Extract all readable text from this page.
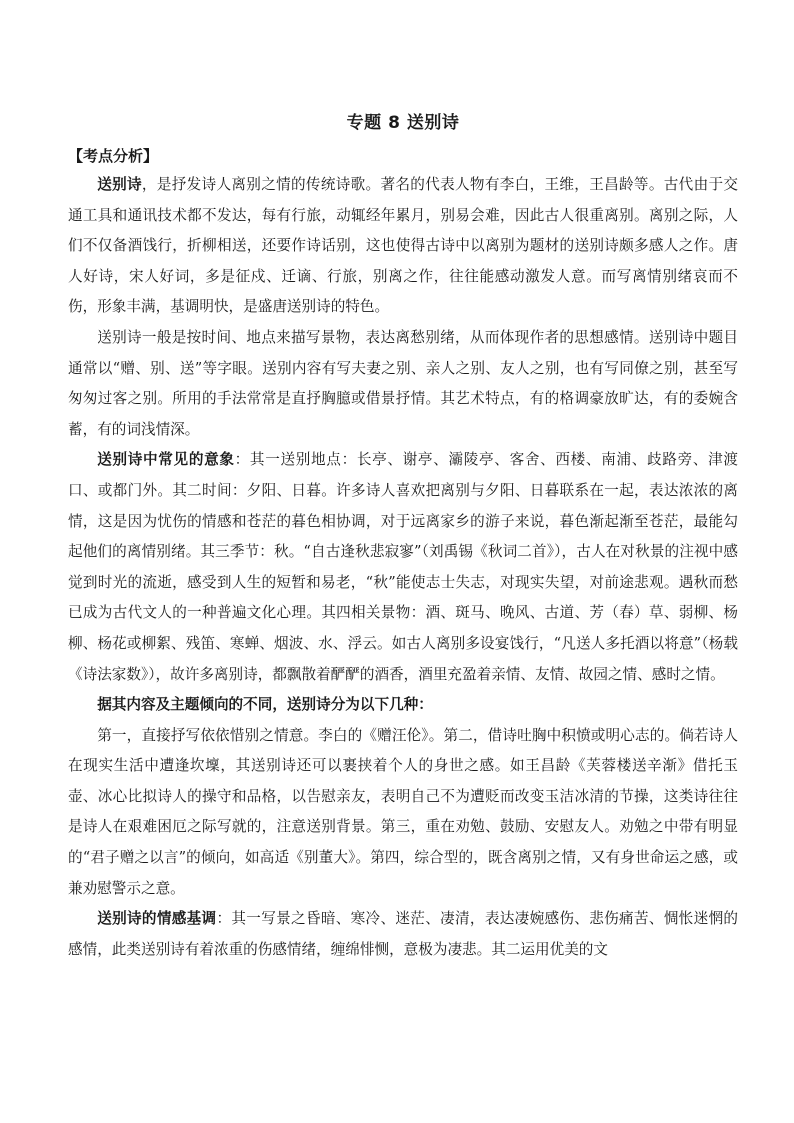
专题 8 送别诗
【考点分析】

送别诗，是抒发诗人离别之情的传统诗歌。著名的代表人物有李白，王维，王昌龄等。古代由于交通工具和通讯技术都不发达，每有行旅，动辄经年累月，别易会难，因此古人很重离别。离别之际，人们不仅备酒饯行，折柳相送，还要作诗话别，这也使得古诗中以离别为题材的送别诗颇多感人之作。唐人好诗，宋人好词，多是征戍、迁谪、行旅，别离之作，往往能感动激发人意。而写离情别绪哀而不伤，形象丰满，基调明快，是盛唐送别诗的特色。

送别诗一般是按时间、地点来描写景物，表达离愁别绪，从而体现作者的思想感情。送别诗中题目通常以“赠、别、送”等字眼。送别内容有写夫妻之别、亲人之别、友人之别，也有写同僚之别，甚至写匆匆过客之别。所用的手法常常是直抒胸臆或借景抒情。其艺术特点，有的格调豪放旷达，有的委婉含蓄，有的词浅情深。

送别诗中常见的意象：其一送别地点：长亭、谢亭、灞陵亭、客舍、西楼、南浦、歧路旁、津渡口、或都门外。其二时间：夕阳、日暮。许多诗人喜欢把离别与夕阳、日暮联系在一起，表达浓浓的离情，这是因为忧伤的情感和苍茫的暮色相协调，对于远离家乡的游子来说，暮色渐起渐至苍茫，最能勾起他们的离情别绪。其三季节：秋。“自古逢秋悲寂寥”（刘禹锡《秋词二首》），古人在对秋景的注视中感觉到时光的流逝，感受到人生的短暂和易老，“秋”能使志士失志，对现实失望，对前途悲观。遇秋而愁已成为古代文人的一种普遍文化心理。其四相关景物：酒、斑马、晚风、古道、芳（春）草、弱柳、杨柳、杨花或柳絮、残笛、寒蝉、烟波、水、浮云。如古人离别多设宴饯行，“凡送人多托酒以将意”（杨载《诗法家数》），故许多离别诗，都飘散着酽酽的酒香，酒里充盈着亲情、友情、故园之情、感时之情。

据其内容及主题倾向的不同，送别诗分为以下几种：

第一，直接抒写依依惜别之情意。李白的《赠汪伦》。第二，借诗吐胸中积愤或明心志的。倘若诗人在现实生活中遭逢坎壈，其送别诗还可以裹挟着个人的身世之感。如王昌龄《芙蓉楼送辛渐》借托玉壶、冰心比拟诗人的操守和品格，以告慰亲友，表明自己不为遭贬而改变玉洁冰清的节操，这类诗往往是诗人在艰难困厄之际写就的，注意送别背景。第三，重在劝勉、鼓励、安慰友人。劝勉之中带有明显的“君子赠之以言”的倾向，如高适《别董大》。第四，综合型的，既含离别之情，又有身世命运之感，或兼劝慰警示之意。

送别诗的情感基调：其一写景之昏暗、寒冷、迷茫、凄清，表达凄婉感伤、悲伤痛苦、惆怅迷惘的感情，此类送别诗有着浓重的伤感情绪，缠绵悱恻，意极为凄悲。其二运用优美的文
